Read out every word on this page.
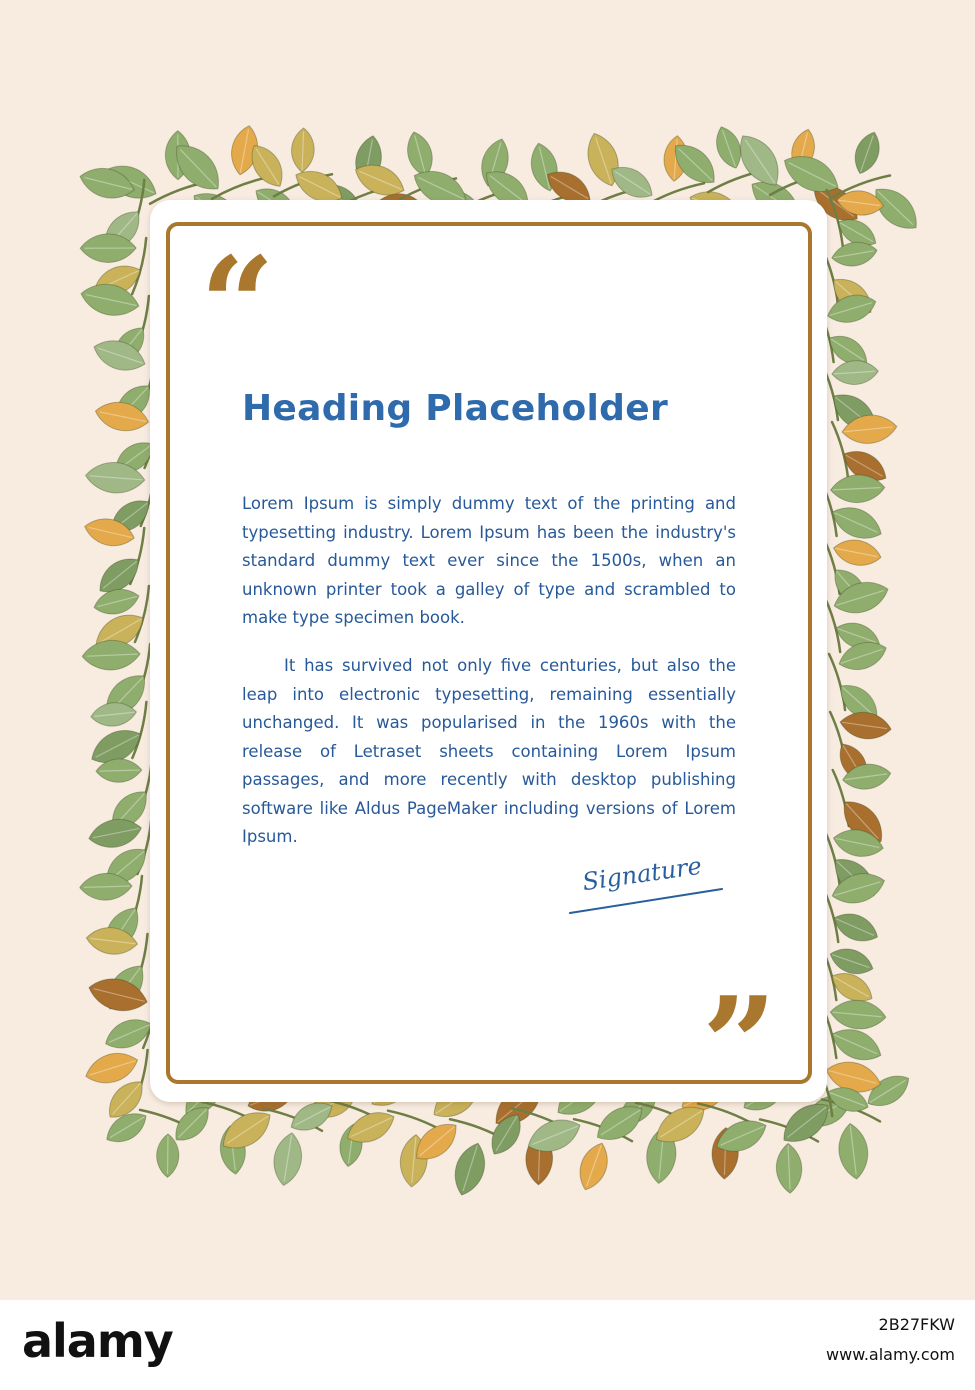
“
Heading Placeholder
Lorem Ipsum is simply dummy text of the printing and typesetting industry. Lorem Ipsum has been the industry's standard dummy text ever since the 1500s, when an unknown printer took a galley of type and scrambled to make type specimen book.
It has survived not only five centuries, but also the leap into electronic typesetting, remaining essentially unchanged. It was popularised in the 1960s with the release of Letraset sheets containing Lorem Ipsum passages, and more recently with desktop publishing software like Aldus PageMaker including versions of Lorem Ipsum.
Signature
”
alamy	2B27FKW
www.alamy.com
